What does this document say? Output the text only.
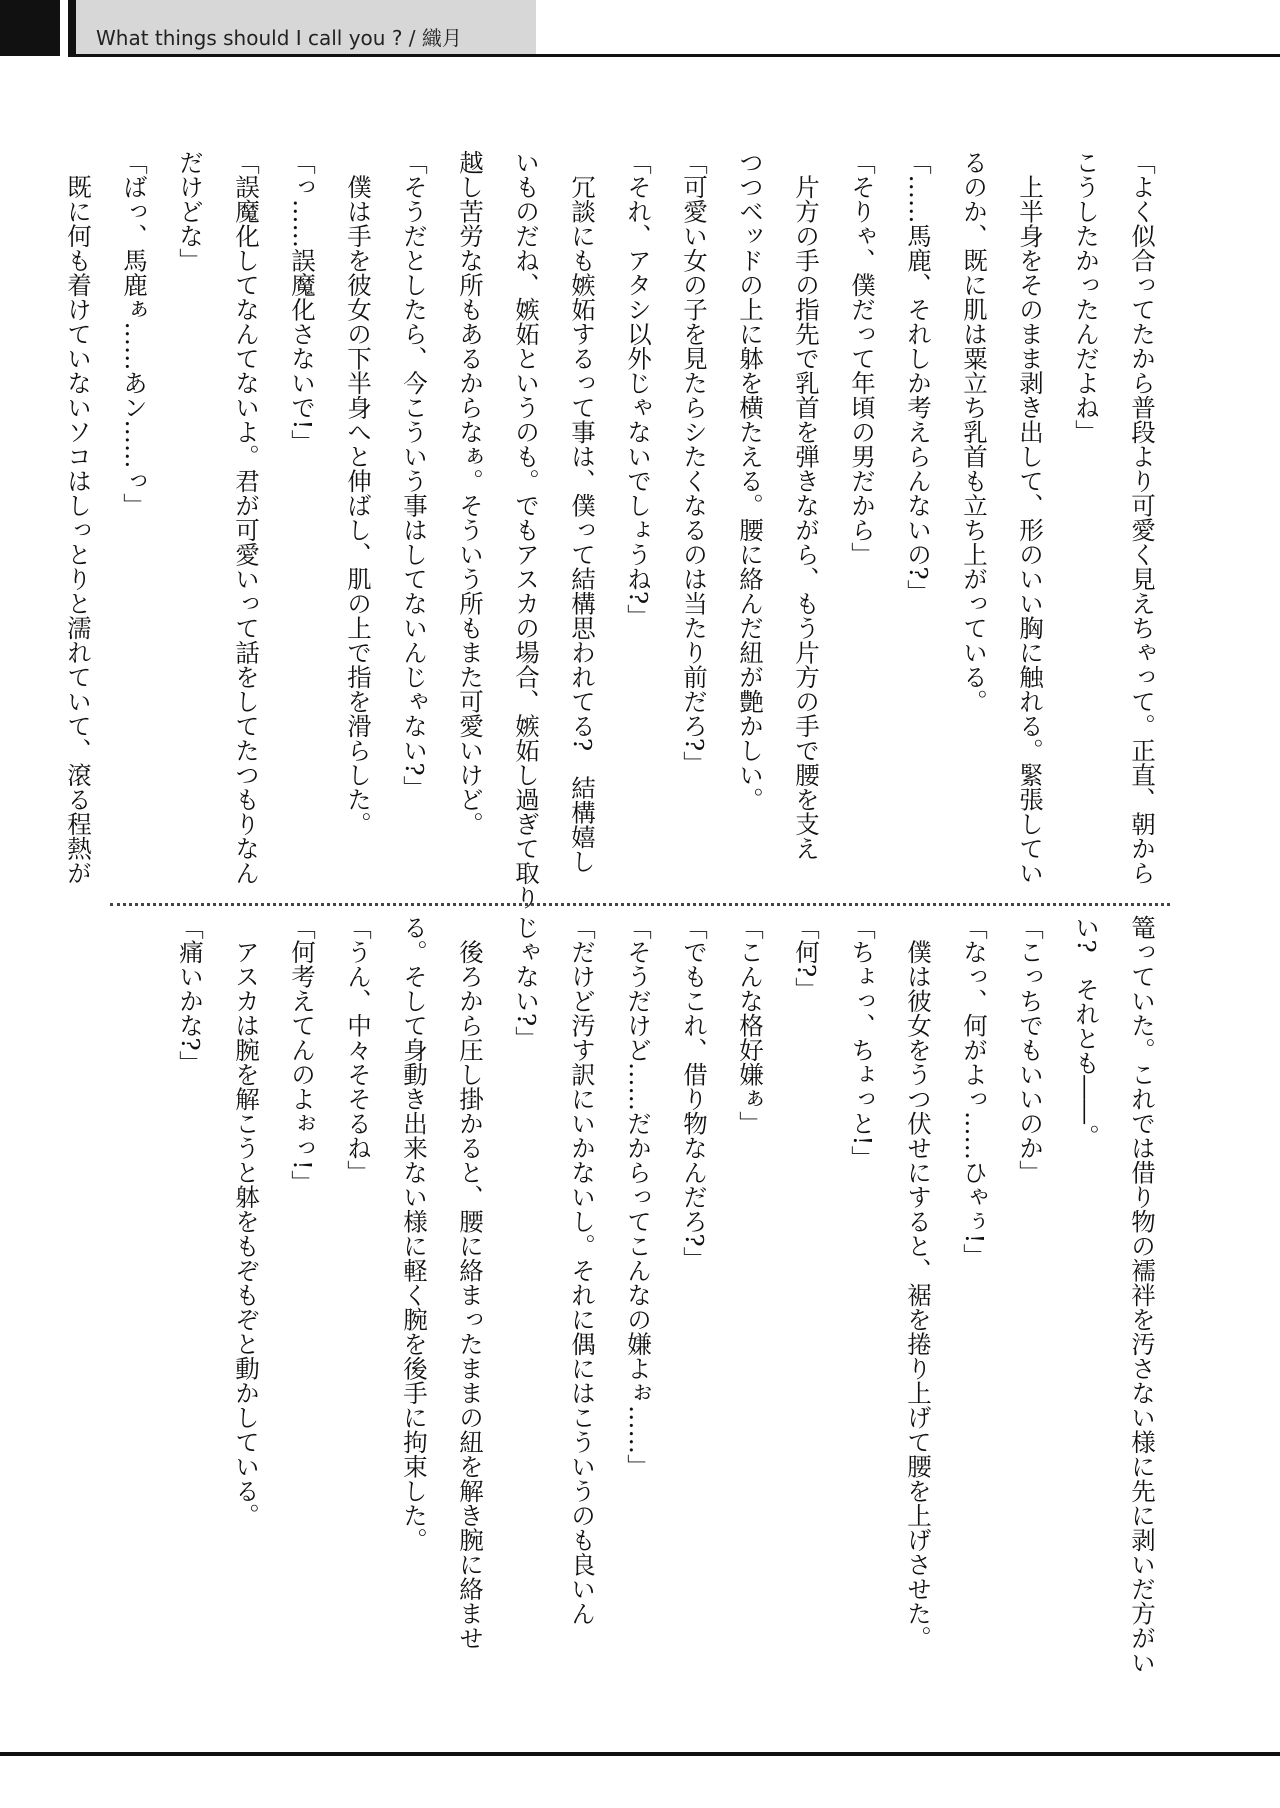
What things should I call you ? / 織月

「よく似合ってたから普段より可愛く見えちゃって。正直、朝から

こうしたかったんだよね」

　上半身をそのまま剥き出して、形のいい胸に触れる。緊張してい

るのか、既に肌は粟立ち乳首も立ち上がっている。

「……馬鹿、それしか考えらんないの?」

「そりゃ、僕だって年頃の男だから」

　片方の手の指先で乳首を弾きながら、もう片方の手で腰を支え

つつベッドの上に躰を横たえる。腰に絡んだ紐が艶かしい。

「可愛い女の子を見たらシたくなるのは当たり前だろ?」

「それ、アタシ以外じゃないでしょうね?」

　冗談にも嫉妬するって事は、僕って結構思われてる?　結構嬉し

いものだね、嫉妬というのも。でもアスカの場合、嫉妬し過ぎて取り

越し苦労な所もあるからなぁ。そういう所もまた可愛いけど。

「そうだとしたら、今こういう事はしてないんじゃない?」

　僕は手を彼女の下半身へと伸ばし、肌の上で指を滑らした。

「っ……誤魔化さないで!」

「誤魔化してなんてないよ。君が可愛いって話をしてたつもりなん

だけどな」

「ばっ、馬鹿ぁ……あン……っ」

　既に何も着けていないソコはしっとりと濡れていて、滾る程熱が

篭っていた。これでは借り物の襦袢を汚さない様に先に剥いだ方がい

い?　それとも――。

「こっちでもいいのか」

「なっ、何がよっ……ひゃぅ!」

　僕は彼女をうつ伏せにすると、裾を捲り上げて腰を上げさせた。

「ちょっ、ちょっと!」

「何?」

「こんな格好嫌ぁ」

「でもこれ、借り物なんだろ?」

「そうだけど……だからってこんなの嫌よぉ……」

「だけど汚す訳にいかないし。それに偶にはこういうのも良いん

じゃない?」

　後ろから圧し掛かると、腰に絡まったままの紐を解き腕に絡ませ

る。そして身動き出来ない様に軽く腕を後手に拘束した。

「うん、中々そそるね」

「何考えてんのよぉっ!」

　アスカは腕を解こうと躰をもぞもぞと動かしている。

「痛いかな?」
